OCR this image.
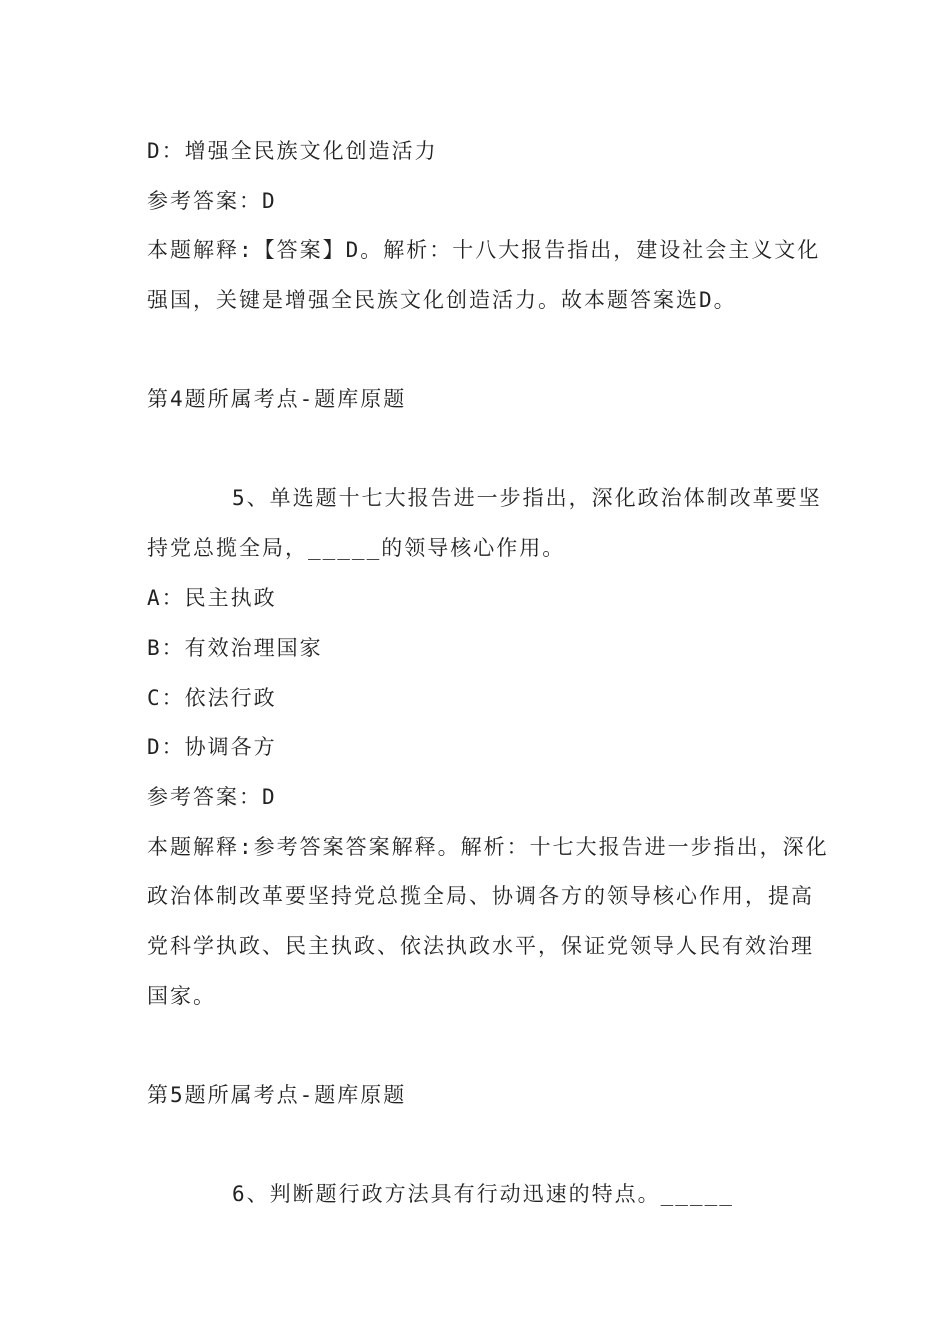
D：增强全民族文化创造活力
参考答案：D
本题解释:【答案】D。解析：十八大报告指出，建设社会主义文化
强国，关键是增强全民族文化创造活力。故本题答案选D。
第4题所属考点-题库原题
5、单选题十七大报告进一步指出，深化政治体制改革要坚
持党总揽全局，_____的领导核心作用。
A：民主执政
B：有效治理国家
C：依法行政
D：协调各方
参考答案：D
本题解释:参考答案答案解释。解析：十七大报告进一步指出，深化
政治体制改革要坚持党总揽全局、协调各方的领导核心作用，提高
党科学执政、民主执政、依法执政水平，保证党领导人民有效治理
国家。
第5题所属考点-题库原题
6、判断题行政方法具有行动迅速的特点。_____
